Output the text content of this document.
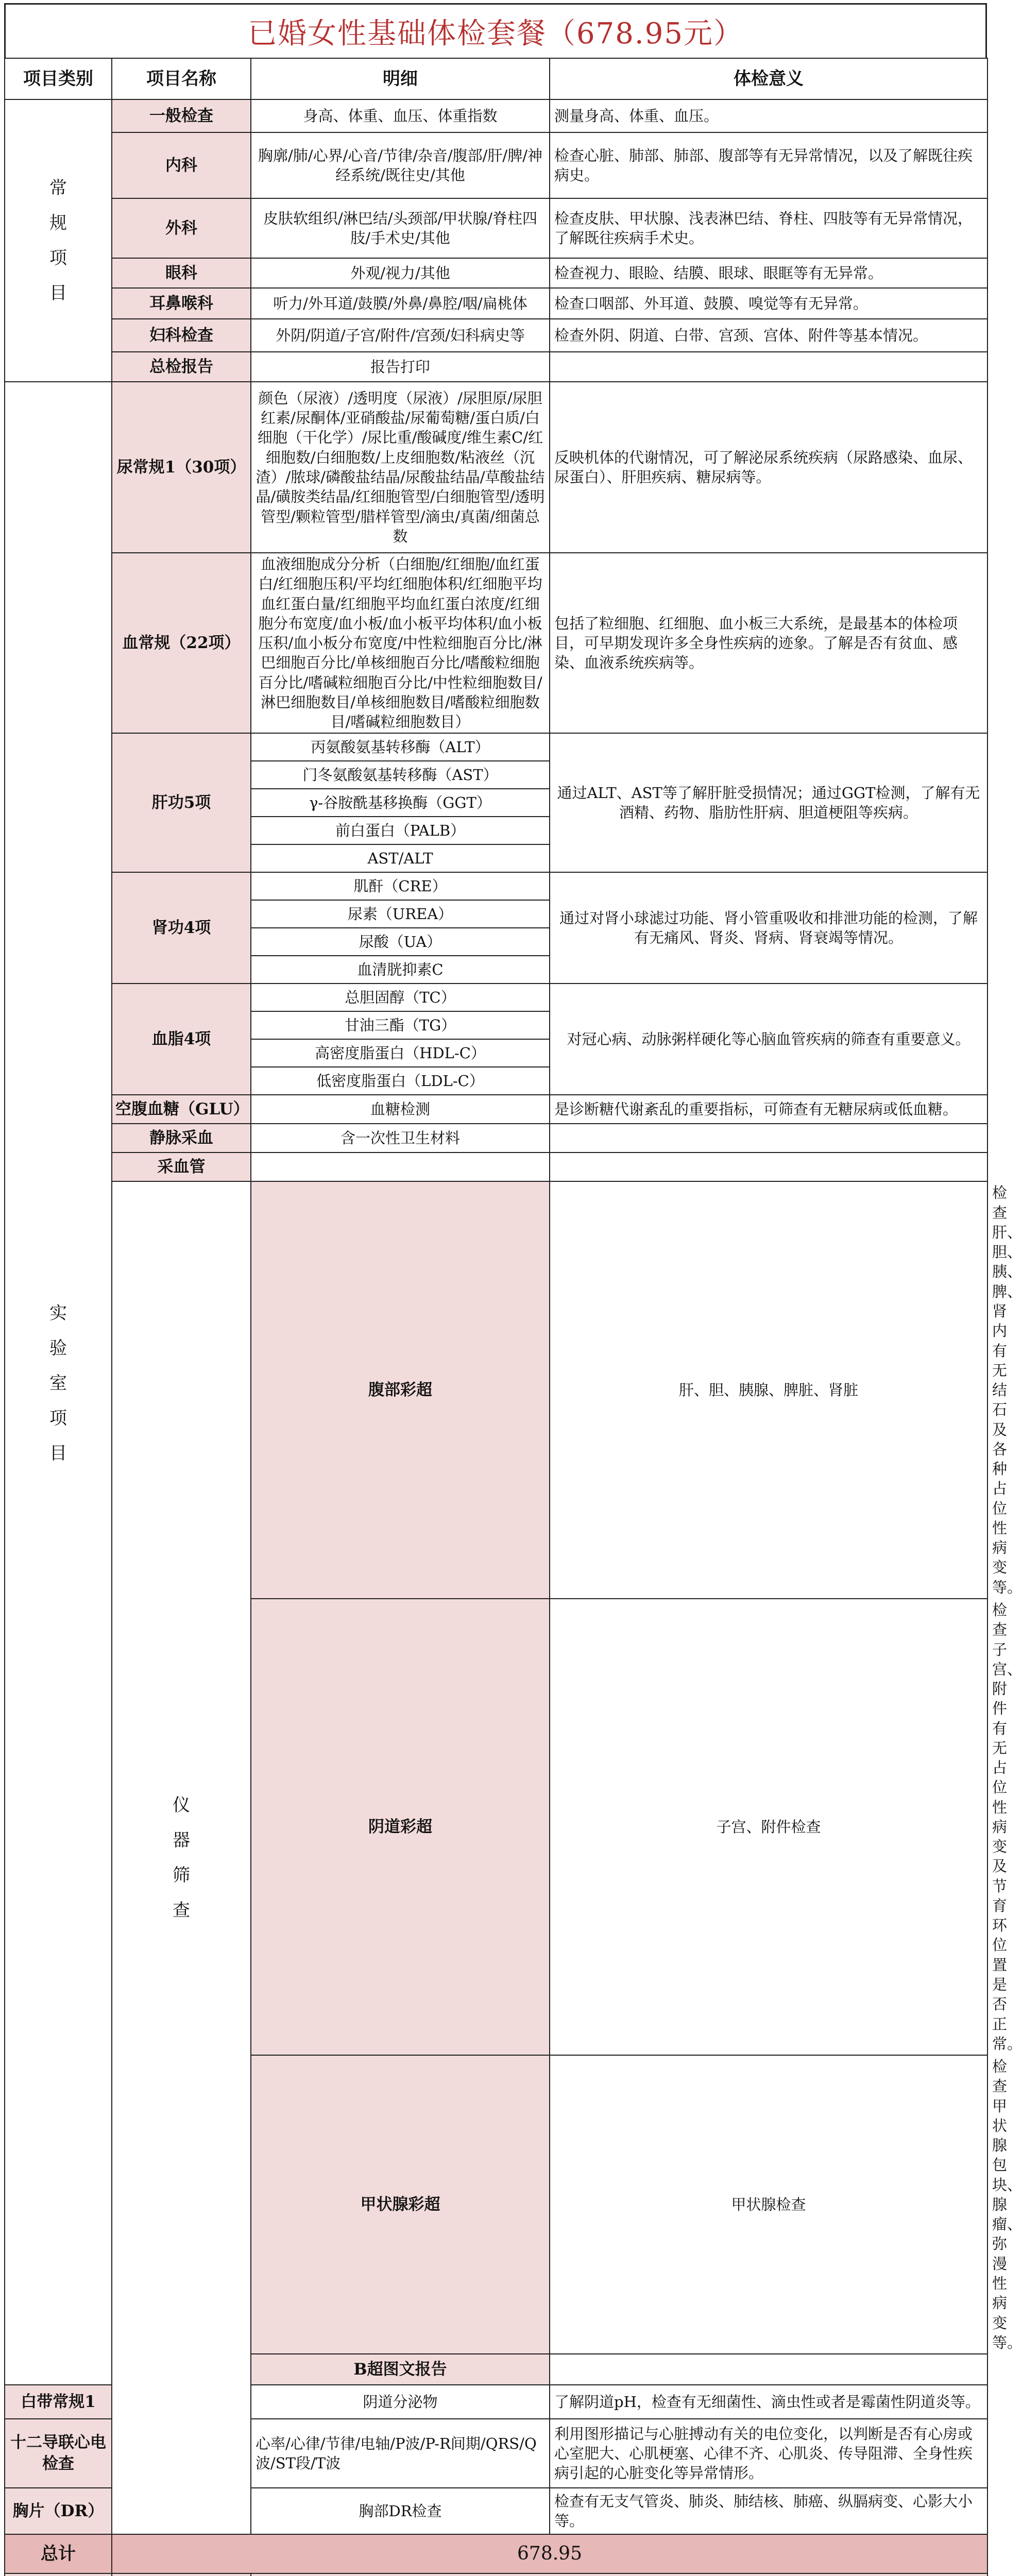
已婚女性基础体检套餐（678.95元）
项目类别	项目名称	明细	体检意义	
常规项目	一般检查	身高、体重、血压、体重指数	测量身高、体重、血压。	
	内科	胸廓/肺/心界/心音/节律/杂音/腹部/肝/脾/神经系统/既往史/其他	检查心脏、肺部、肺部、腹部等有无异常情况，以及了解既往疾病史。	
	外科	皮肤软组织/淋巴结/头颈部/甲状腺/脊柱四肢/手术史/其他	检查皮肤、甲状腺、浅表淋巴结、脊柱、四肢等有无异常情况，了解既往疾病手术史。	
	眼科	外观/视力/其他	检查视力、眼睑、结膜、眼球、眼眶等有无异常。	
	耳鼻喉科	听力/外耳道/鼓膜/外鼻/鼻腔/咽/扁桃体	检查口咽部、外耳道、鼓膜、嗅觉等有无异常。	
	妇科检查	外阴/阴道/子宫/附件/宫颈/妇科病史等	检查外阴、阴道、白带、宫颈、宫体、附件等基本情况。	
	总检报告	报告打印		
实验室项目	尿常规1（30项）	颜色（尿液）/透明度（尿液）/尿胆原/尿胆红素/尿酮体/亚硝酸盐/尿葡萄糖/蛋白质/白细胞（干化学）/尿比重/酸碱度/维生素C/红细胞数/白细胞数/上皮细胞数/粘液丝（沉渣）/脓球/磷酸盐结晶/尿酸盐结晶/草酸盐结晶/磺胺类结晶/红细胞管型/白细胞管型/透明管型/颗粒管型/腊样管型/滴虫/真菌/细菌总数	反映机体的代谢情况，可了解泌尿系统疾病（尿路感染、血尿、尿蛋白）、肝胆疾病、糖尿病等。	
	血常规（22项）	血液细胞成分分析（白细胞/红细胞/血红蛋白/红细胞压积/平均红细胞体积/红细胞平均血红蛋白量/红细胞平均血红蛋白浓度/红细胞分布宽度/血小板/血小板平均体积/血小板压积/血小板分布宽度/中性粒细胞百分比/淋巴细胞百分比/单核细胞百分比/嗜酸粒细胞百分比/嗜碱粒细胞百分比/中性粒细胞数目/淋巴细胞数目/单核细胞数目/嗜酸粒细胞数目/嗜碱粒细胞数目）	包括了粒细胞、红细胞、血小板三大系统，是最基本的体检项目，可早期发现许多全身性疾病的迹象。了解是否有贫血、感染、血液系统疾病等。	
	肝功5项	丙氨酸氨基转移酶（ALT）	通过ALT、AST等了解肝脏受损情况；通过GGT检测，了解有无酒精、药物、脂肪性肝病、胆道梗阻等疾病。	
		门冬氨酸氨基转移酶（AST）		
		γ-谷胺酰基移换酶（GGT）		
		前白蛋白（PALB）		
		AST/ALT		
	肾功4项	肌酐（CRE）	通过对肾小球滤过功能、肾小管重吸收和排泄功能的检测，了解有无痛风、肾炎、肾病、肾衰竭等情况。	
		尿素（UREA）		
		尿酸（UA）		
		血清胱抑素C		
	血脂4项	总胆固醇（TC）	对冠心病、动脉粥样硬化等心脑血管疾病的筛查有重要意义。	
		甘油三酯（TG）		
		高密度脂蛋白（HDL-C）		
		低密度脂蛋白（LDL-C）		
	空腹血糖（GLU）	血糖检测	是诊断糖代谢紊乱的重要指标，可筛查有无糖尿病或低血糖。	
	静脉采血	含一次性卫生材料		
	采血管			
	仪器筛查	腹部彩超	肝、胆、胰腺、脾脏、肾脏	检查肝、胆、胰、脾、肾内有无结石及各种占位性病变等。
		阴道彩超	子宫、附件检查	检查子宫、附件有无占位性病变及节育环位置是否正常。
		甲状腺彩超	甲状腺检查	检查甲状腺包块、腺瘤、弥漫性病变等。
		B超图文报告		
白带常规1		阴道分泌物	了解阴道pH，检查有无细菌性、滴虫性或者是霉菌性阴道炎等。	
十二导联心电检查		心率/心律/节律/电轴/P波/P-R间期/QRS/Q波/ST段/T波	利用图形描记与心脏搏动有关的电位变化，以判断是否有心房或心室肥大、心肌梗塞、心律不齐、心肌炎、传导阻滞、全身性疾病引起的心脏变化等异常情形。	
胸片（DR）		胸部DR检查	检查有无支气管炎、肺炎、肺结核、肺癌、纵膈病变、心影大小等。	
总计	678.95			
